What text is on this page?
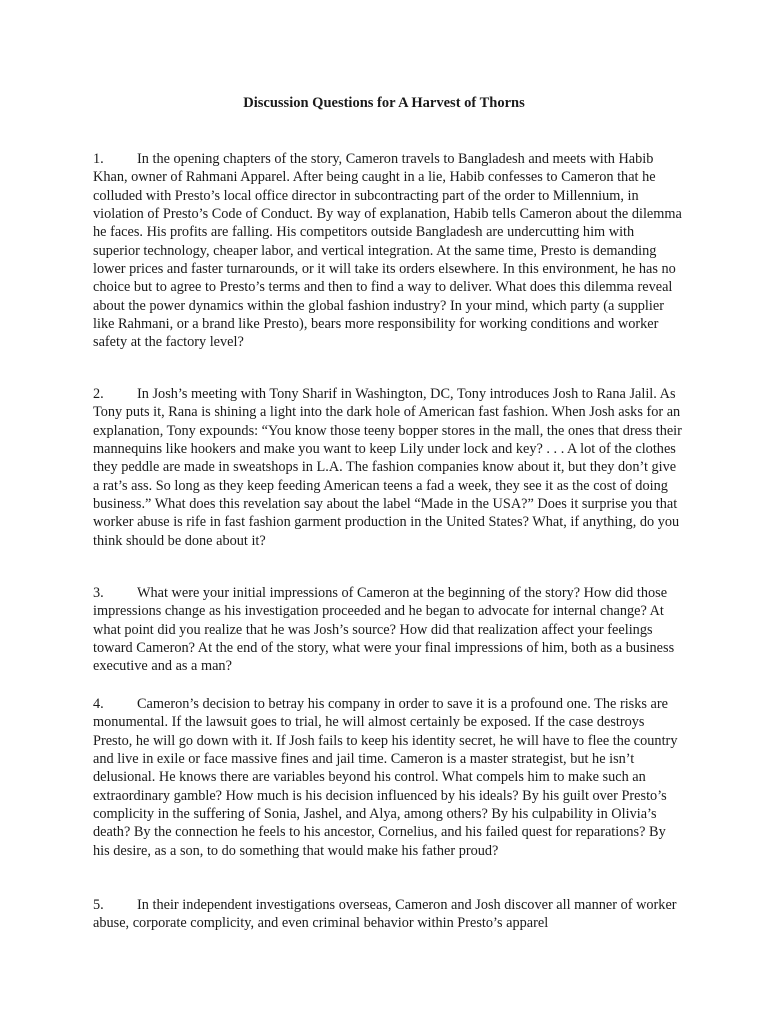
Discussion Questions for A Harvest of Thorns
1. In the opening chapters of the story, Cameron travels to Bangladesh and meets with Habib Khan, owner of Rahmani Apparel. After being caught in a lie, Habib confesses to Cameron that he colluded with Presto’s local office director in subcontracting part of the order to Millennium, in violation of Presto’s Code of Conduct. By way of explanation, Habib tells Cameron about the dilemma he faces. His profits are falling. His competitors outside Bangladesh are undercutting him with superior technology, cheaper labor, and vertical integration. At the same time, Presto is demanding lower prices and faster turnarounds, or it will take its orders elsewhere. In this environment, he has no choice but to agree to Presto’s terms and then to find a way to deliver. What does this dilemma reveal about the power dynamics within the global fashion industry? In your mind, which party (a supplier like Rahmani, or a brand like Presto), bears more responsibility for working conditions and worker safety at the factory level?
2. In Josh’s meeting with Tony Sharif in Washington, DC, Tony introduces Josh to Rana Jalil. As Tony puts it, Rana is shining a light into the dark hole of American fast fashion. When Josh asks for an explanation, Tony expounds: “You know those teeny bopper stores in the mall, the ones that dress their mannequins like hookers and make you want to keep Lily under lock and key? . . . A lot of the clothes they peddle are made in sweatshops in L.A. The fashion companies know about it, but they don’t give a rat’s ass. So long as they keep feeding American teens a fad a week, they see it as the cost of doing business.” What does this revelation say about the label “Made in the USA?” Does it surprise you that worker abuse is rife in fast fashion garment production in the United States? What, if anything, do you think should be done about it?
3. What were your initial impressions of Cameron at the beginning of the story? How did those impressions change as his investigation proceeded and he began to advocate for internal change? At what point did you realize that he was Josh’s source? How did that realization affect your feelings toward Cameron? At the end of the story, what were your final impressions of him, both as a business executive and as a man?
4. Cameron’s decision to betray his company in order to save it is a profound one. The risks are monumental. If the lawsuit goes to trial, he will almost certainly be exposed. If the case destroys Presto, he will go down with it. If Josh fails to keep his identity secret, he will have to flee the country and live in exile or face massive fines and jail time. Cameron is a master strategist, but he isn’t delusional. He knows there are variables beyond his control. What compels him to make such an extraordinary gamble? How much is his decision influenced by his ideals? By his guilt over Presto’s complicity in the suffering of Sonia, Jashel, and Alya, among others? By his culpability in Olivia’s death? By the connection he feels to his ancestor, Cornelius, and his failed quest for reparations? By his desire, as a son, to do something that would make his father proud?
5. In their independent investigations overseas, Cameron and Josh discover all manner of worker abuse, corporate complicity, and even criminal behavior within Presto’s apparel
